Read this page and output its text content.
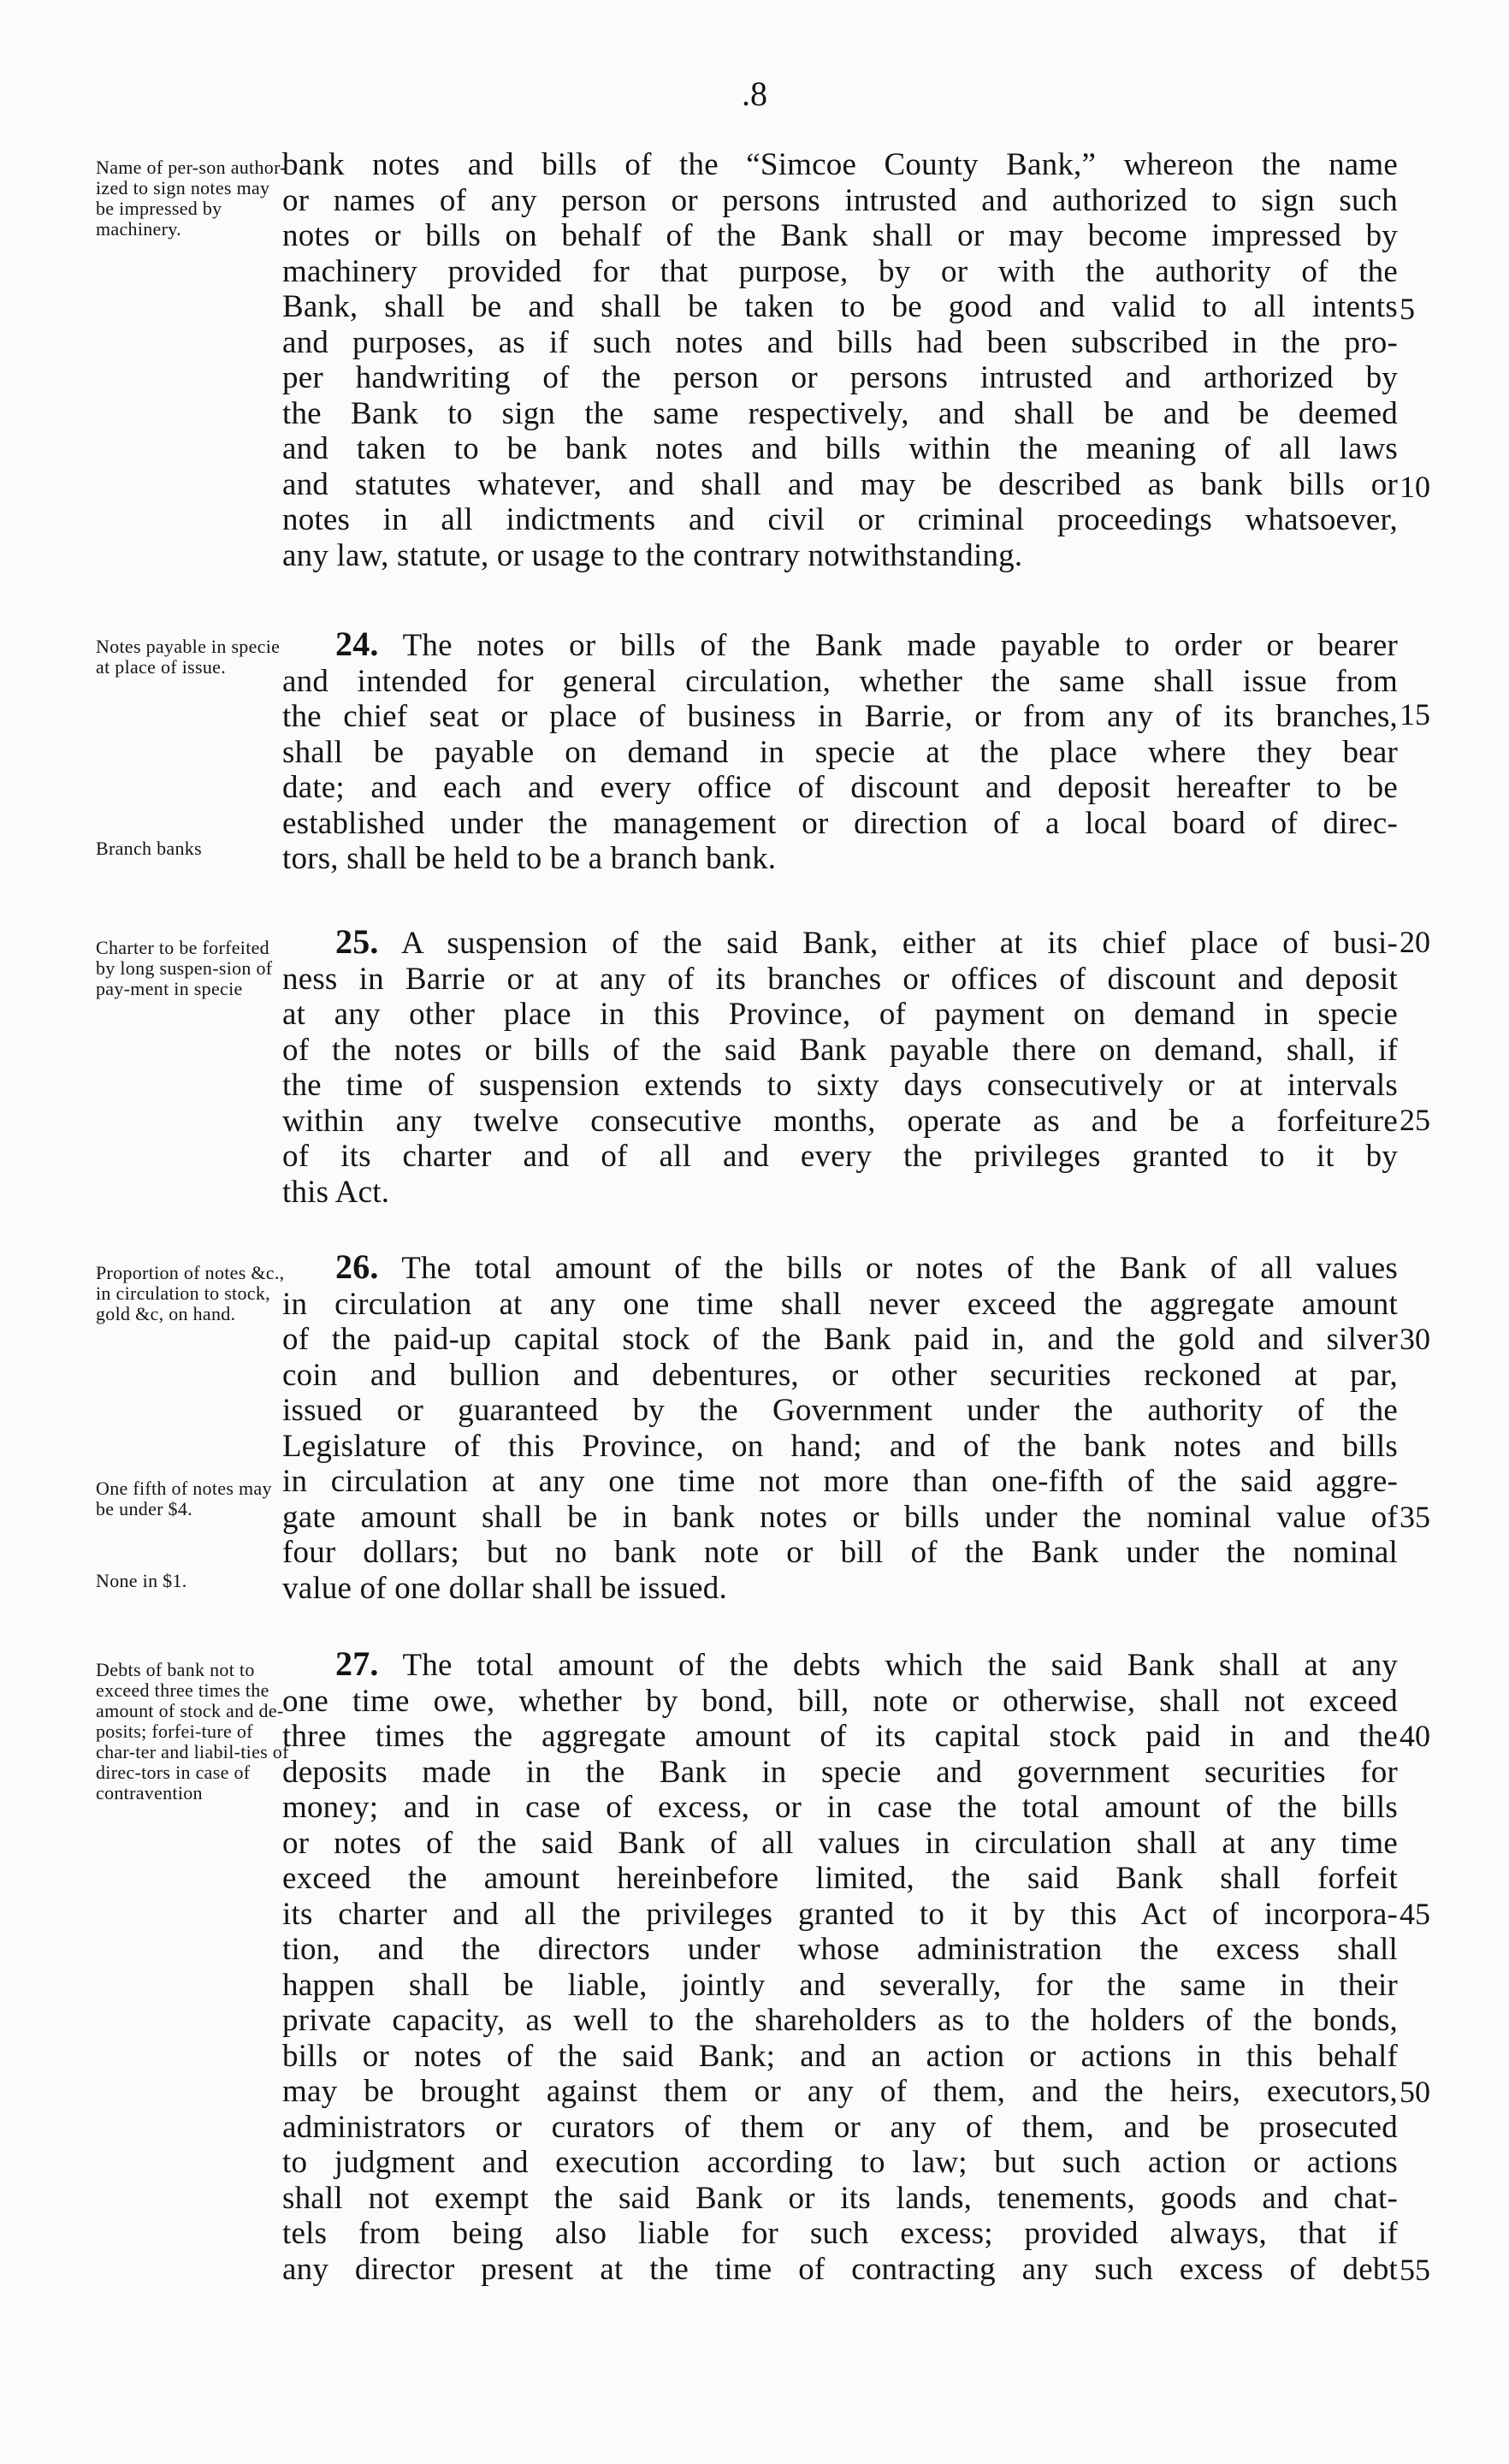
.8
Name of per-son author-ized to sign notes may be impressed by machinery.
bank notes and bills of the “Simcoe County Bank,” whereon the name
or names of any person or persons intrusted and authorized to sign such
notes or bills on behalf of the Bank shall or may become impressed by
machinery provided for that purpose, by or with the authority of the
Bank, shall be and shall be taken to be good and valid to all intents
and purposes, as if such notes and bills had been subscribed in the pro-
per handwriting of the person or persons intrusted and arthorized by
the Bank to sign the same respectively, and shall be and be deemed
and taken to be bank notes and bills within the meaning of all laws
and statutes whatever, and shall and may be described as bank bills or
notes in all indictments and civil or criminal proceedings whatsoever,
any law, statute, or usage to the contrary notwithstanding.
Notes payable in specie at place of issue.
Branch banks
24. The notes or bills of the Bank made payable to order or bearer
and intended for general circulation, whether the same shall issue from
the chief seat or place of business in Barrie, or from any of its branches,
shall be payable on demand in specie at the place where they bear
date; and each and every office of discount and deposit hereafter to be
established under the management or direction of a local board of direc-
tors, shall be held to be a branch bank.
Charter to be forfeited by long suspen-sion of pay-ment in specie
25. A suspension of the said Bank, either at its chief place of busi-
ness in Barrie or at any of its branches or offices of discount and deposit
at any other place in this Province, of payment on demand in specie
of the notes or bills of the said Bank payable there on demand, shall, if
the time of suspension extends to sixty days consecutively or at intervals
within any twelve consecutive months, operate as and be a forfeiture
of its charter and of all and every the privileges granted to it by
this Act.
Proportion of notes &c., in circulation to stock, gold &c, on hand.
One fifth of notes may be under $4.
None in $1.
26. The total amount of the bills or notes of the Bank of all values
in circulation at any one time shall never exceed the aggregate amount
of the paid-up capital stock of the Bank paid in, and the gold and silver
coin and bullion and debentures, or other securities reckoned at par,
issued or guaranteed by the Government under the authority of the
Legislature of this Province, on hand; and of the bank notes and bills
in circulation at any one time not more than one-fifth of the said aggre-
gate amount shall be in bank notes or bills under the nominal value of
four dollars; but no bank note or bill of the Bank under the nominal
value of one dollar shall be issued.
Debts of bank not to exceed three times the amount of stock and de-posits; forfei-ture of char-ter and liabil-ties of direc-tors in case of contravention
27. The total amount of the debts which the said Bank shall at any
one time owe, whether by bond, bill, note or otherwise, shall not exceed
three times the aggregate amount of its capital stock paid in and the
deposits made in the Bank in specie and government securities for
money; and in case of excess, or in case the total amount of the bills
or notes of the said Bank of all values in circulation shall at any time
exceed the amount hereinbefore limited, the said Bank shall forfeit
its charter and all the privileges granted to it by this Act of incorpora-
tion, and the directors under whose administration the excess shall
happen shall be liable, jointly and severally, for the same in their
private capacity, as well to the shareholders as to the holders of the bonds,
bills or notes of the said Bank; and an action or actions in this behalf
may be brought against them or any of them, and the heirs, executors,
administrators or curators of them or any of them, and be prosecuted
to judgment and execution according to law; but such action or actions
shall not exempt the said Bank or its lands, tenements, goods and chat-
tels from being also liable for such excess; provided always, that if
any director present at the time of contracting any such excess of debt
5
10
15
20
25
30
35
40
45
50
55
